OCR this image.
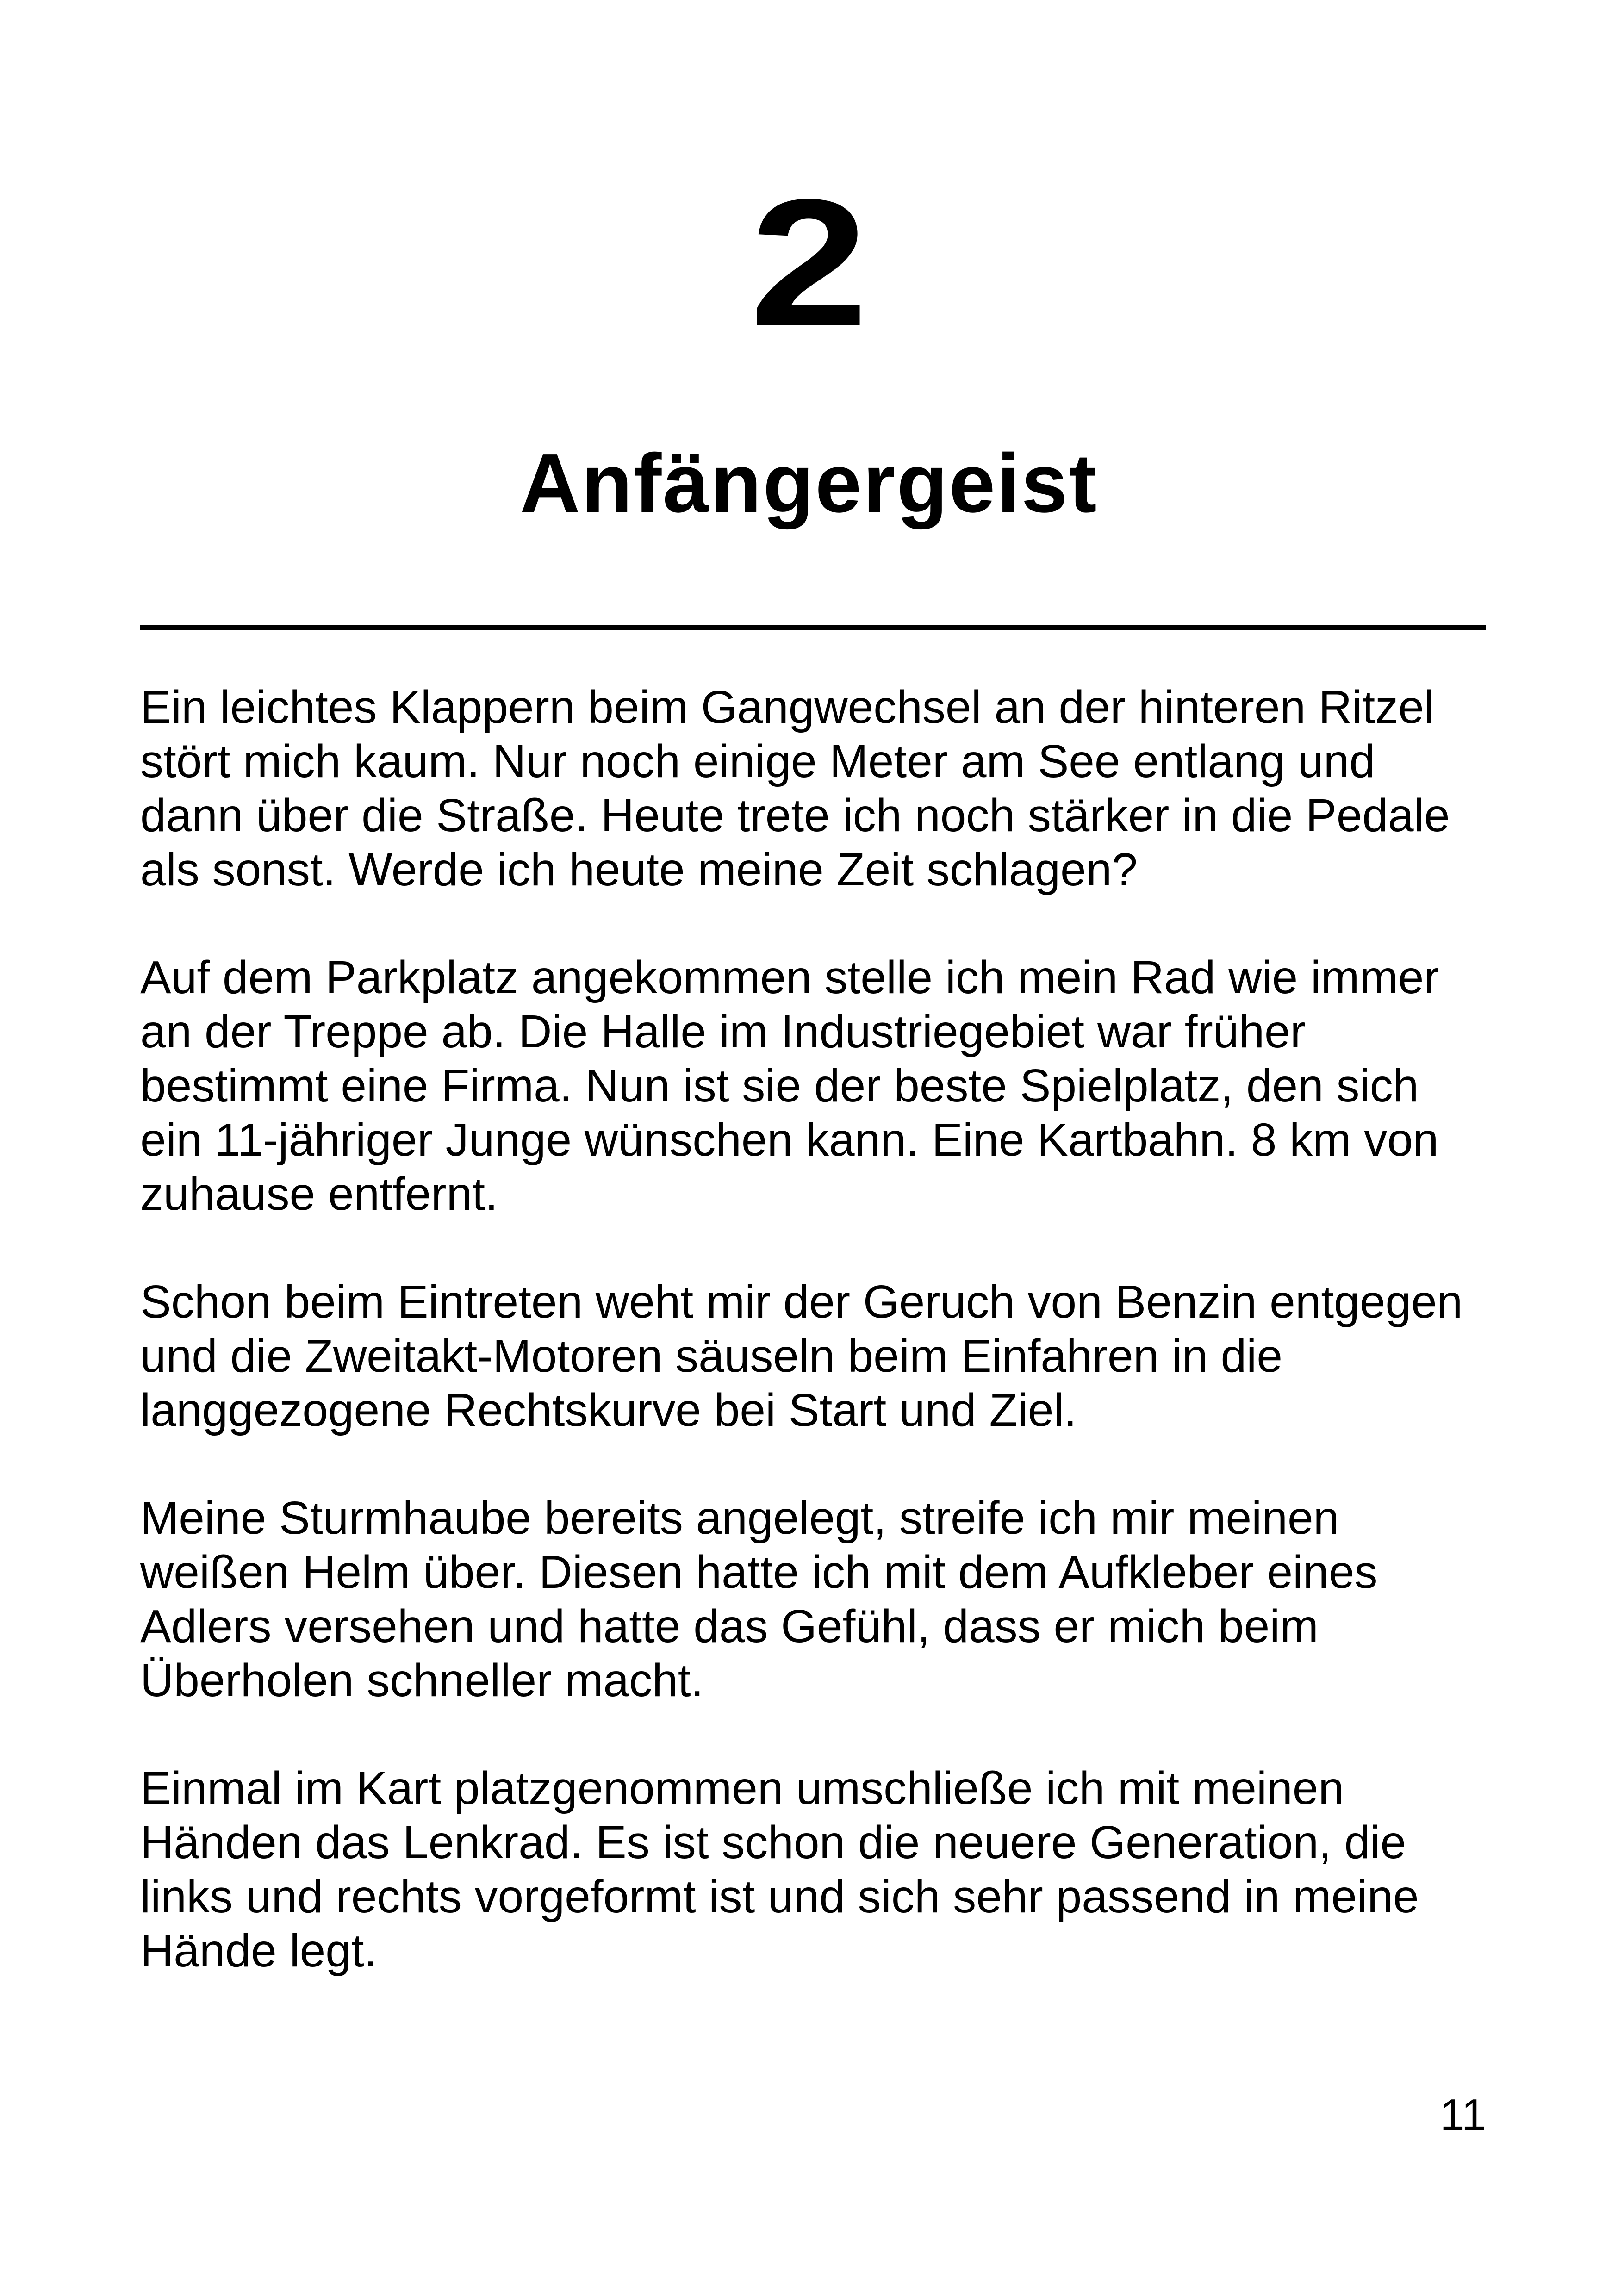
2
Anfängergeist

Ein leichtes Klappern beim Gangwechsel an der hinteren Ritzel
stört mich kaum. Nur noch einige Meter am See entlang und
dann über die Straße. Heute trete ich noch stärker in die Pedale
als sonst. Werde ich heute meine Zeit schlagen?

Auf dem Parkplatz angekommen stelle ich mein Rad wie immer
an der Treppe ab. Die Halle im Industriegebiet war früher
bestimmt eine Firma. Nun ist sie der beste Spielplatz, den sich
ein 11-jähriger Junge wünschen kann. Eine Kartbahn. 8 km von
zuhause entfernt.

Schon beim Eintreten weht mir der Geruch von Benzin entgegen
und die Zweitakt-Motoren säuseln beim Einfahren in die
langgezogene Rechtskurve bei Start und Ziel.

Meine Sturmhaube bereits angelegt, streife ich mir meinen
weißen Helm über. Diesen hatte ich mit dem Aufkleber eines
Adlers versehen und hatte das Gefühl, dass er mich beim
Überholen schneller macht.

Einmal im Kart platzgenommen umschließe ich mit meinen
Händen das Lenkrad. Es ist schon die neuere Generation, die
links und rechts vorgeformt ist und sich sehr passend in meine
Hände legt.

11
